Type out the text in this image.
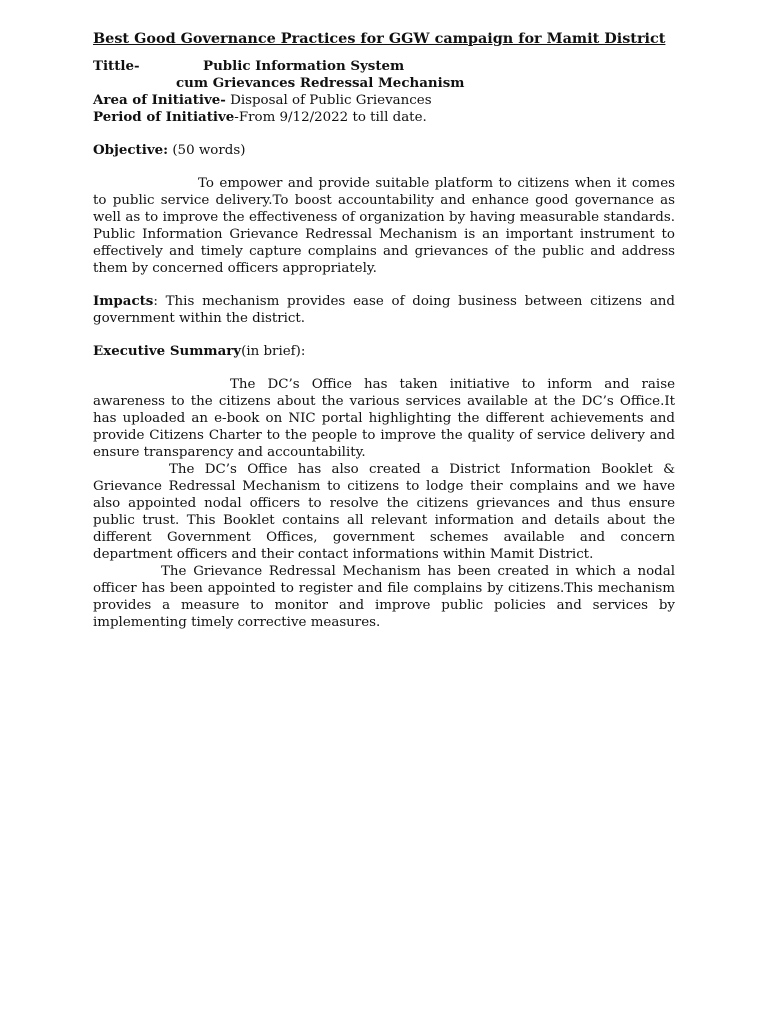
Best Good Governance Practices for GGW campaign for Mamit District

Tittle-	Public Information System

cum Grievances Redressal Mechanism

Area of Initiative- Disposal of Public Grievances

Period of Initiative-From 9/12/2022 to till date.

Objective: (50 words)

To empower and provide suitable platform to citizens when it comes to public service delivery.To boost accountability and enhance good governance as well as to improve the effectiveness of organization by having measurable standards. Public Information Grievance Redressal Mechanism is an important instrument to effectively and timely capture complains and grievances of the public and address them by concerned officers appropriately.

Impacts: This mechanism provides ease of doing business between citizens and government within the district.

Executive Summary(in brief):

The DC’s Office has taken initiative to inform and raise awareness to the citizens about the various services available at the DC’s Office.It has uploaded an e-book on NIC portal highlighting the different achievements and provide Citizens Charter to the people to improve the quality of service delivery and ensure transparency and accountability.

The DC’s Office has also created a District Information Booklet & Grievance Redressal Mechanism to citizens to lodge their complains and we have also appointed nodal officers to resolve the citizens grievances and thus ensure public trust. This Booklet contains all relevant information and details about the different Government Offices, government schemes available and concern department officers and their contact informations within Mamit District.

The Grievance Redressal Mechanism has been created in which a nodal officer has been appointed to register and file complains by citizens.This mechanism provides a measure to monitor and improve public policies and services by implementing timely corrective measures.
